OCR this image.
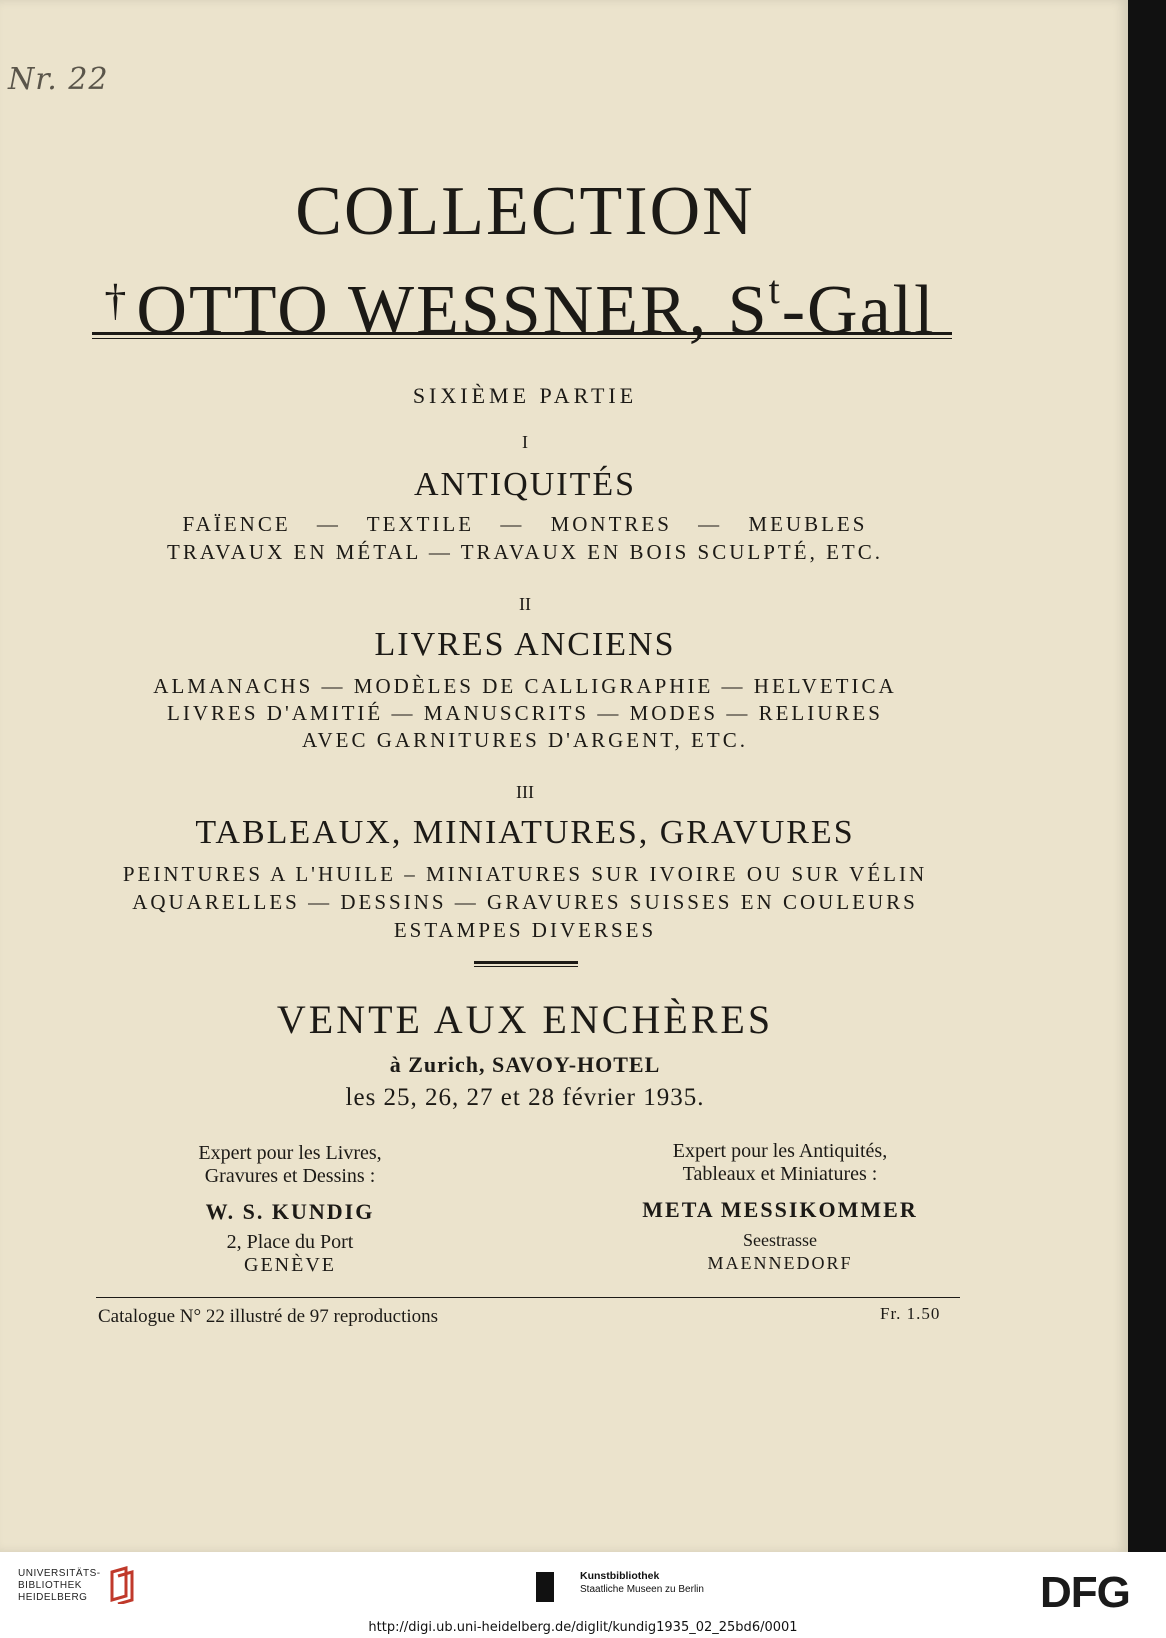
Nr. 22
COLLECTION
† OTTO WESSNER, $S^t$-Gall
SIXIÈME PARTIE
I
ANTIQUITÉS
FAÏENCE — TEXTILE — MONTRES — MEUBLES
TRAVAUX EN MÉTAL — TRAVAUX EN BOIS SCULPTÉ, ETC.
II
LIVRES ANCIENS
ALMANACHS — MODÈLES DE CALLIGRAPHIE — HELVETICA
LIVRES D'AMITIÉ — MANUSCRITS — MODES — RELIURES
AVEC GARNITURES D'ARGENT, ETC.
III
TABLEAUX, MINIATURES, GRAVURES
PEINTURES A L'HUILE – MINIATURES SUR IVOIRE OU SUR VÉLIN
AQUARELLES — DESSINS — GRAVURES SUISSES EN COULEURS
ESTAMPES DIVERSES
VENTE AUX ENCHÈRES
à Zurich, SAVOY-HOTEL
les 25, 26, 27 et 28 février 1935.
Expert pour les Livres,
Gravures et Dessins :
W. S. KUNDIG
2, Place du Port
GENÈVE
Expert pour les Antiquités,
Tableaux et Miniatures :
META MESSIKOMMER
Seestrasse
MAENNEDORF
Catalogue N° 22 illustré de 97 reproductions	Fr. 1.50
UNIVERSITÄTS-
BIBLIOTHEK
HEIDELBERG
Kunstbibliothek
Staatliche Museen zu Berlin	DFG
http://digi.ub.uni-heidelberg.de/diglit/kundig1935_02_25bd6/0001
